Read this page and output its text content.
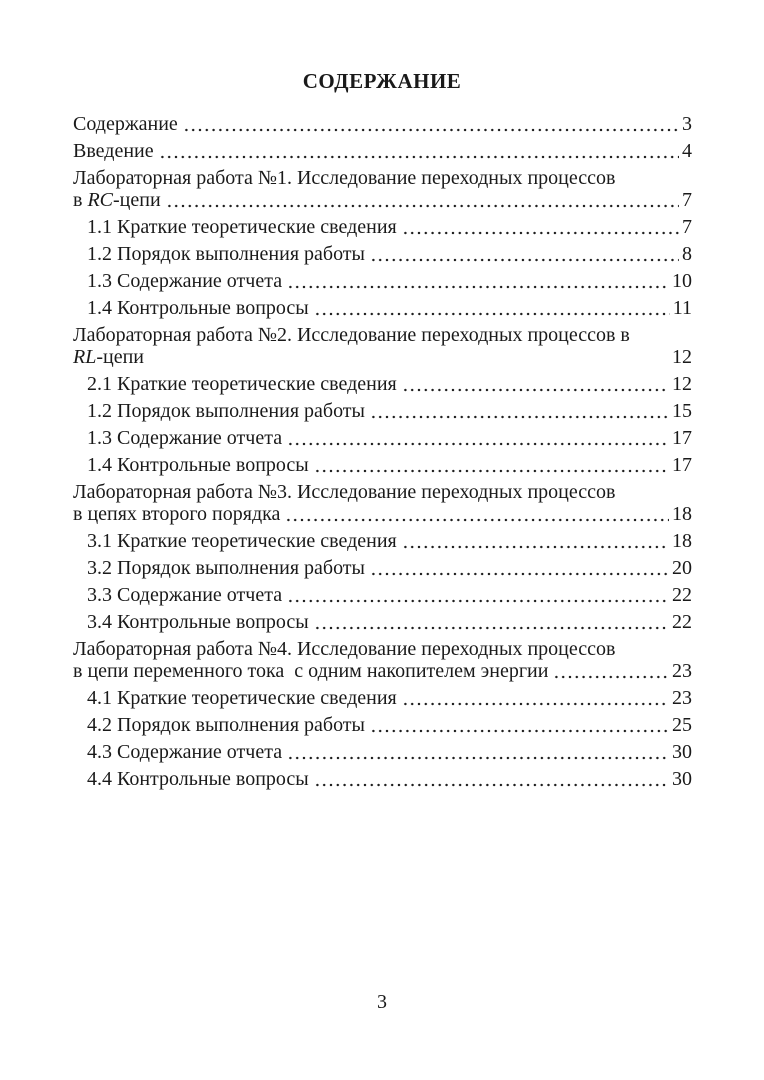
СОДЕРЖАНИЕ
Содержание	3
Введение	4
Лабораторная работа №1. Исследование переходных процессов
в RC-цепи	7
1.1 Краткие теоретические сведения	7
1.2 Порядок выполнения работы	8
1.3 Содержание отчета	10
1.4 Контрольные вопросы	11
Лабораторная работа №2. Исследование переходных процессов в RL-цепи	12
2.1 Краткие теоретические сведения	12
1.2 Порядок выполнения работы	15
1.3 Содержание отчета	17
1.4 Контрольные вопросы	17
Лабораторная работа №3. Исследование переходных процессов
в цепях второго порядка	18
3.1 Краткие теоретические сведения	18
3.2 Порядок выполнения работы	20
3.3 Содержание отчета	22
3.4 Контрольные вопросы	22
Лабораторная работа №4. Исследование переходных процессов
в цепи переменного тока  с одним накопителем энергии	23
4.1 Краткие теоретические сведения	23
4.2 Порядок выполнения работы	25
4.3 Содержание отчета	30
4.4 Контрольные вопросы	30
3
